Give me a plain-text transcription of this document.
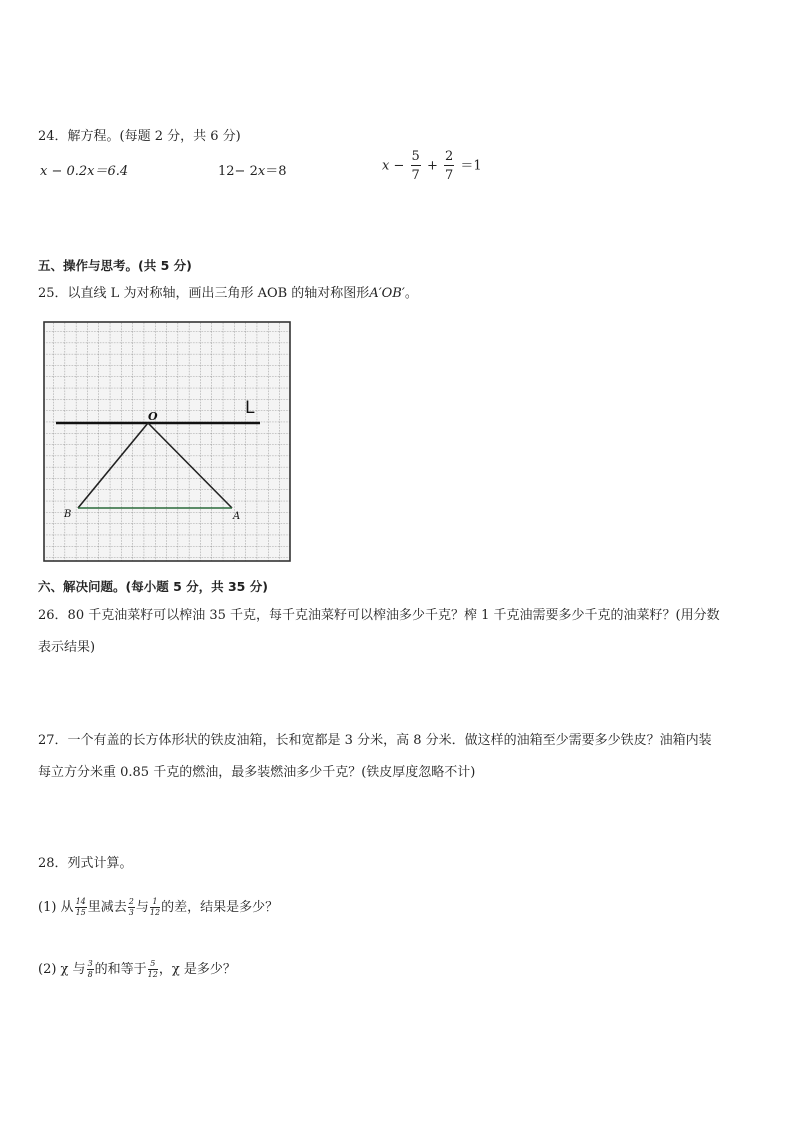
24．解方程。(每题 2 分，共 6 分)
x − 0.2x＝6.4	12− 2x＝8	$x - \frac{5}{7} + \frac{2}{7} =1$
五、操作与思考。(共 5 分)
25．以直线 L 为对称轴，画出三角形 AOB 的轴对称图形A′OB′。
L
O
B	A
六、解决问题。(每小题 5 分，共 35 分)
26．80 千克油菜籽可以榨油 35 千克，每千克油菜籽可以榨油多少千克？榨 1 千克油需要多少千克的油菜籽？(用分数
表示结果)
27．一个有盖的长方体形状的铁皮油箱，长和宽都是 3 分米，高 8 分米．做这样的油箱至少需要多少铁皮？油箱内装
每立方分米重 0.85 千克的燃油，最多装燃油多少千克？(铁皮厚度忽略不计)
28．列式计算。
(1) 从 $\frac{14}{15}$ 里减去 $\frac{2}{3}$ 与 $\frac{1}{12}$ 的差，结果是多少？
(2) χ 与 $\frac{3}{8}$ 的和等于 $\frac{5}{12}$ ，χ 是多少？
